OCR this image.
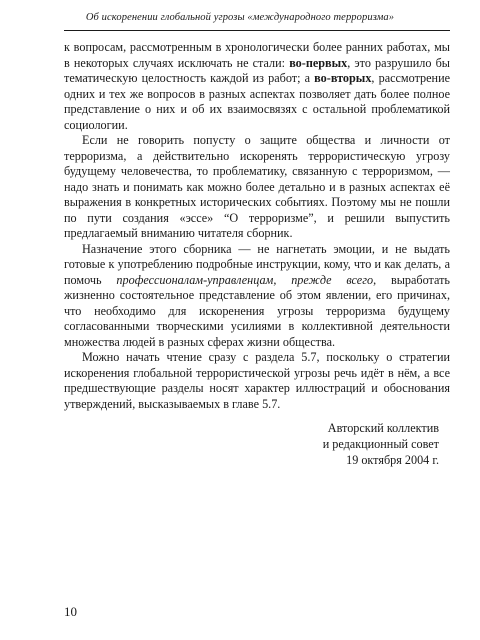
Об искоренении глобальной угрозы «международного терроризма»

к вопросам, рассмотренным в хронологически более ранних работах, мы в некоторых случаях исключать не стали: во-первых, это разрушило бы тематическую целостность каждой из работ; а во-вторых, рассмотрение одних и тех же вопросов в разных аспектах позволяет дать более полное представление о них и об их взаимосвязях с остальной проблематикой социологии.

Если не говорить попусту о защите общества и личности от терроризма, а действительно искоренять террористическую угрозу будущему человечества, то проблематику, связанную с терроризмом, — надо знать и понимать как можно более детально и в разных аспектах её выражения в конкретных исторических событиях. Поэтому мы не пошли по пути создания «эссе» “О терроризме”, и решили выпустить предлагаемый вниманию читателя сборник.

Назначение этого сборника — не нагнетать эмоции, и не выдать готовые к употреблению подробные инструкции, кому, что и как делать, а помочь профессионалам-управленцам, прежде всего, выработать жизненно состоятельное представление об этом явлении, его причинах, что необходимо для искоренения угрозы терроризма будущему согласованными творческими усилиями в коллективной деятельности множества людей в разных сферах жизни общества.

Можно начать чтение сразу с раздела 5.7, поскольку о стратегии искоренения глобальной террористической угрозы речь идёт в нём, а все предшествующие разделы носят характер иллюстраций и обоснования утверждений, высказываемых в главе 5.7.

Авторский коллектив
и редакционный совет
19 октября 2004 г.
10
